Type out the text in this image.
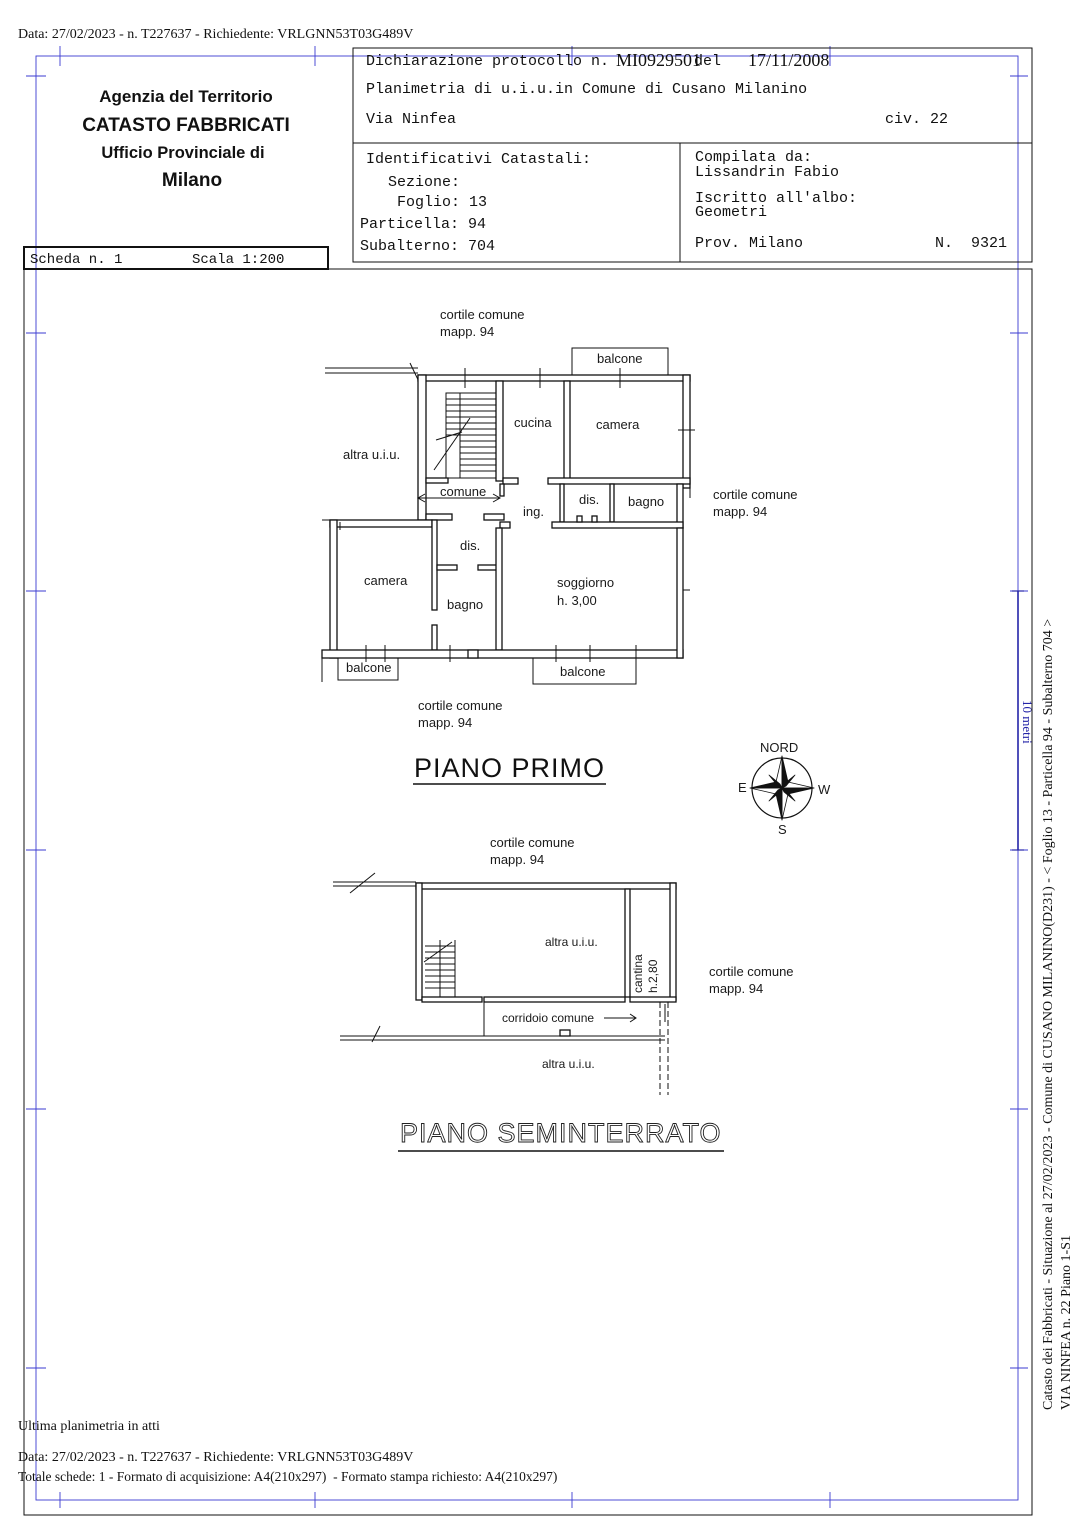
Data: 27/02/2023 - n. T227637 - Richiedente: VRLGNN53T03G489V
Agenzia del Territorio
CATASTO FABBRICATI
Ufficio Provinciale di
Milano
Scheda n. 1	Scala 1:200
Dichiarazione protocollo n. MI0929501
del 17/11/2008
Planimetria di u.i.u.in Comune di Cusano Milanino
Via Ninfea	civ. 22
Identificativi Catastali:
Sezione:
Foglio: 13
Particella: 94
Subalterno: 704
Compilata da:
Lissandrin Fabio
Iscritto all'albo:
Geometri
Prov. Milano	N.  9321
cortile comune
mapp. 94
balcone
cucina	camera
altra u.i.u.
comune
ing.
dis. bagno	cortile comune
mapp. 94
dis.
camera	soggiorno
h. 3,00
bagno
balcone	balcone
cortile comune
mapp. 94
PIANO PRIMO
NORD
E	W
S
cortile comune
mapp. 94
altra u.i.u.
cantina h.2,80	cortile comune
mapp. 94
corridoio comune
altra u.i.u.
PIANO SEMINTERRATO
10 metri Catasto dei Fabbricati - Situazione al 27/02/2023 - Comune di CUSANO MILANINO(D231) - < Foglio 13 - Particella 94 - Subalterno 704 > VIA NINFEA n. 22 Piano 1-S1
Ultima planimetria in atti
Data: 27/02/2023 - n. T227637 - Richiedente: VRLGNN53T03G489V
Totale schede: 1 - Formato di acquisizione: A4(210x297)  - Formato stampa richiesto: A4(210x297)
